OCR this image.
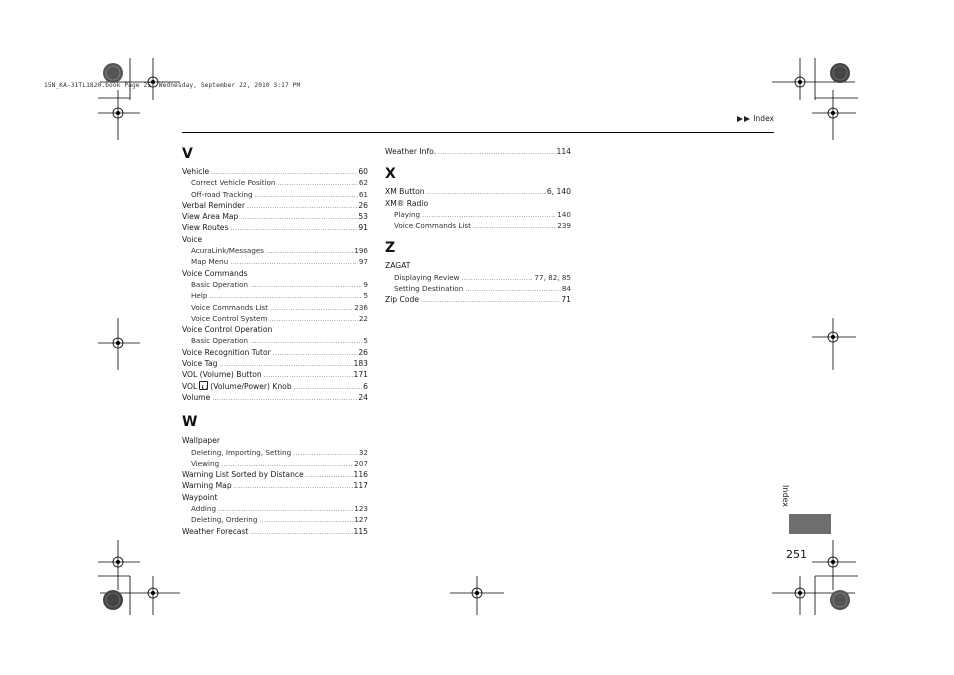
15N_KA-31TL1820.book Page 251 Wednesday, September 22, 2010 3:17 PM
Index
V
Vehicle .....	60
Correct Vehicle Position .....	62
Off-road Tracking .....	61
Verbal Reminder .....	26
View Area Map .....	53
View Routes .....	91
Voice
AcuraLink/Messages .....	196
Map Menu .....	97
Voice Commands
Basic Operation .....	9
Help .....	5
Voice Commands List .....	236
Voice Control System .....	22
Voice Control Operation
Basic Operation .....	5
Voice Recognition Tutor .....	26
Voice Tag .....	183
VOL (Volume) Button .....	171
VOL (Volume/Power) Knob .....	6
Volume .....	24
W
Wallpaper
Deleting, Importing, Setting .....	32
Viewing .....	207
Warning List Sorted by Distance .....	116
Warning Map .....	117
Waypoint
Adding .....	123
Deleting, Ordering .....	127
Weather Forecast .....	115
Weather Info. .....	114
X
XM Button .....	6, 140
XM® Radio
Playing .....	140
Voice Commands List .....	239
Z
ZAGAT
Displaying Review .....	77, 82, 85
Setting Destination .....	84
Zip Code .....	71
Index
251
